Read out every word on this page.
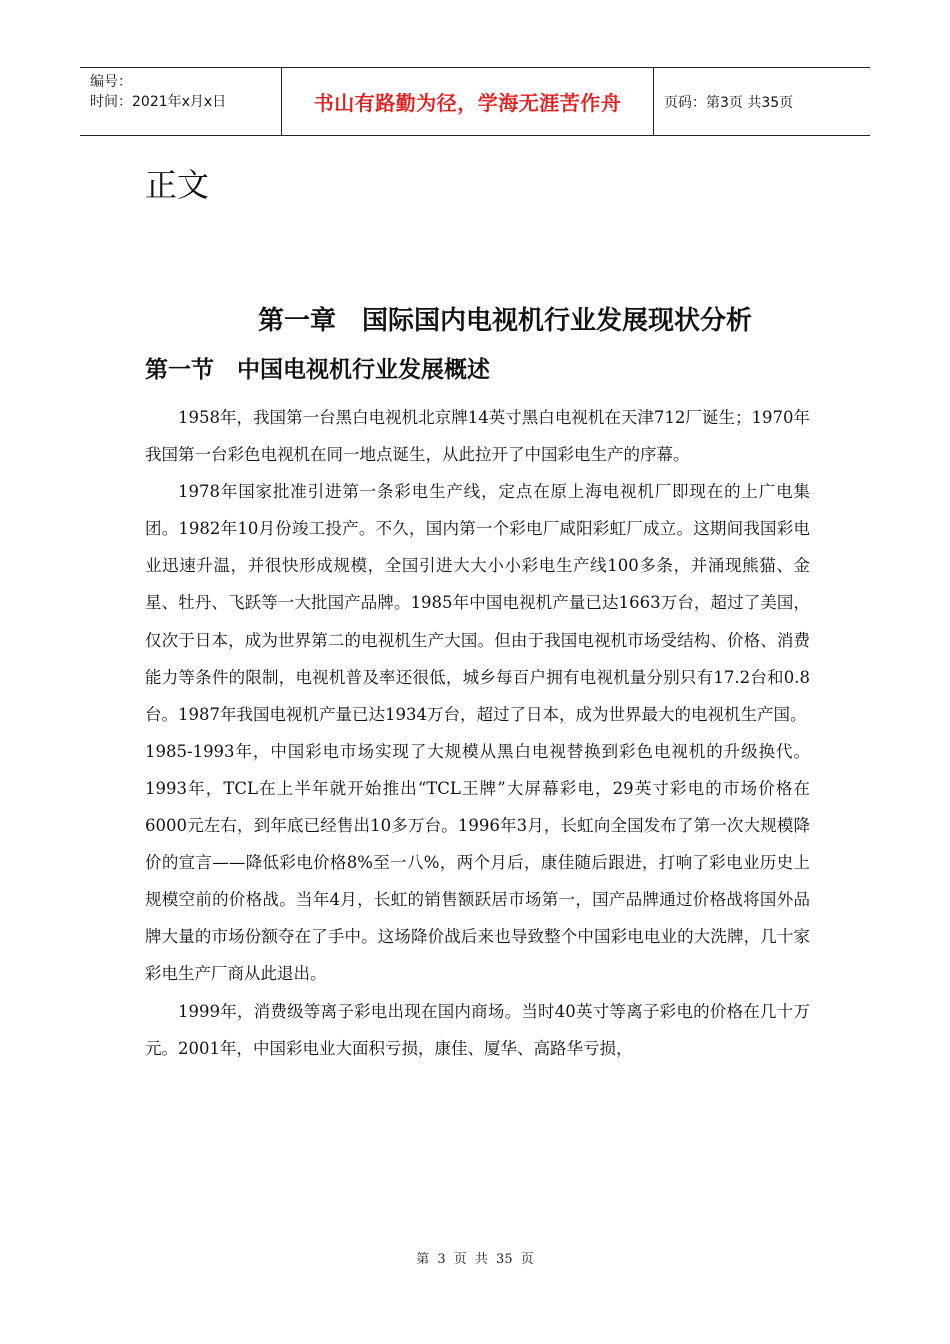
编号：
时间：2021年x月x日	书山有路勤为径，学海无涯苦作舟	页码：第3页 共35页
正文
第一章　国际国内电视机行业发展现状分析
第一节　中国电视机行业发展概述

1958年，我国第一台黑白电视机北京牌14英寸黑白电视机在天津712厂诞生；1970年我国第一台彩色电视机在同一地点诞生，从此拉开了中国彩电生产的序幕。

1978年国家批准引进第一条彩电生产线，定点在原上海电视机厂即现在的上广电集团。1982年10月份竣工投产。不久，国内第一个彩电厂咸阳彩虹厂成立。这期间我国彩电业迅速升温，并很快形成规模，全国引进大大小小彩电生产线100多条，并涌现熊猫、金星、牡丹、飞跃等一大批国产品牌。1985年中国电视机产量已达1663万台，超过了美国，仅次于日本，成为世界第二的电视机生产大国。但由于我国电视机市场受结构、价格、消费能力等条件的限制，电视机普及率还很低，城乡每百户拥有电视机量分别只有17.2台和0.8台。1987年我国电视机产量已达1934万台，超过了日本，成为世界最大的电视机生产国。

1985-1993年，中国彩电市场实现了大规模从黑白电视替换到彩色电视机的升级换代。1993年，TCL在上半年就开始推出“TCL王牌”大屏幕彩电，29英寸彩电的市场价格在6000元左右，到年底已经售出10多万台。1996年3月，长虹向全国发布了第一次大规模降价的宣言——降低彩电价格8%至一八%，两个月后，康佳随后跟进，打响了彩电业历史上规模空前的价格战。当年4月，长虹的销售额跃居市场第一，国产品牌通过价格战将国外品牌大量的市场份额夺在了手中。这场降价战后来也导致整个中国彩电电业的大洗牌，几十家彩电生产厂商从此退出。

1999年，消费级等离子彩电出现在国内商场。当时40英寸等离子彩电的价格在几十万元。2001年，中国彩电业大面积亏损，康佳、厦华、高路华亏损，

第 3 页 共 35 页
